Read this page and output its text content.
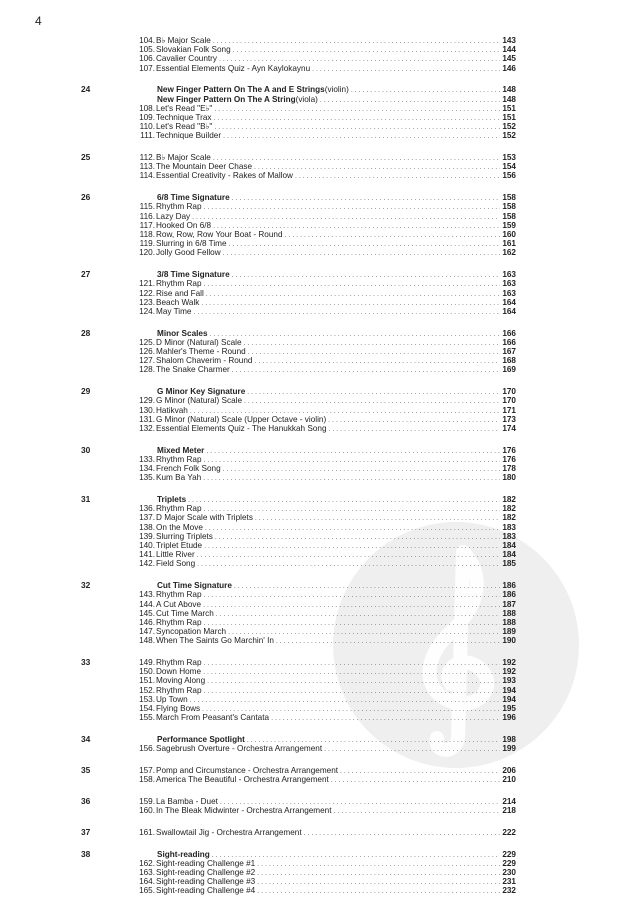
4
104. B♭ Major Scale . . .	143
105. Slovakian Folk Song . . .	144
106. Cavalier Country . . .	145
107. Essential Elements Quiz - Ayn Kaylokaynu . . .	146
24	New Finger Pattern On The A and E Strings(violin) . . .	148
New Finger Pattern On The A String(viola) . . .	148
108. Let's Read "E♭" . . .	151
109. Technique Trax . . .	151
110. Let's Read "B♭" . . .	152
111. Technique Builder . . .	152
25	112. B♭ Major Scale . . .	153
113. The Mountain Deer Chase . . .	154
114. Essential Creativity - Rakes of Mallow . . .	156
26	6/8 Time Signature . . .	158
115. Rhythm Rap . . .	158
116. Lazy Day . . .	158
117. Hooked On 6/8 . . .	159
118. Row, Row, Row Your Boat - Round . . .	160
119. Slurring in 6/8 Time . . .	161
120. Jolly Good Fellow . . .	162
27	3/8 Time Signature . . .	163
121. Rhythm Rap . . .	163
122. Rise and Fall . . .	163
123. Beach Walk . . .	164
124. May Time . . .	164
28	Minor Scales . . .	166
125. D Minor (Natural) Scale . . .	166
126. Mahler's Theme - Round . . .	167
127. Shalom Chaverim - Round . . .	168
128. The Snake Charmer . . .	169
29	G Minor Key Signature . . .	170
129. G Minor (Natural) Scale . . .	170
130. Hatikvah . . .	171
131. G Minor (Natural) Scale (Upper Octave - violin) . . .	173
132. Essential Elements Quiz - The Hanukkah Song . . .	174
30	Mixed Meter . . .	176
133. Rhythm Rap . . .	176
134. French Folk Song . . .	178
135. Kum Ba Yah . . .	180
31	Triplets . . .	182
136. Rhythm Rap . . .	182
137. D Major Scale with Triplets . . .	182
138. On the Move . . .	183
139. Slurring Triplets . . .	183
140. Triplet Etude . . .	184
141. Little River . . .	184
142. Field Song . . .	185
32	Cut Time Signature . . .	186
143. Rhythm Rap . . .	186
144. A Cut Above . . .	187
145. Cut Time March . . .	188
146. Rhythm Rap . . .	188
147. Syncopation March . . .	189
148. When The Saints Go Marchin' In . . .	190
33	149. Rhythm Rap . . .	192
150. Down Home . . .	192
151. Moving Along . . .	193
152. Rhythm Rap . . .	194
153. Up Town . . .	194
154. Flying Bows . . .	195
155. March From Peasant's Cantata . . .	196
34	Performance Spotlight . . .	198
156. Sagebrush Overture - Orchestra Arrangement . . .	199
35	157. Pomp and Circumstance - Orchestra Arrangement . . .	206
158. America The Beautiful - Orchestra Arrangement . . .	210
36	159. La Bamba - Duet . . .	214
160. In The Bleak Midwinter - Orchestra Arrangement . . .	218
37	161. Swallowtail Jig - Orchestra Arrangement . . .	222
38	Sight-reading . . .	229
162. Sight-reading Challenge #1 . . .	229
163. Sight-reading Challenge #2 . . .	230
164. Sight-reading Challenge #3 . . .	231
165. Sight-reading Challenge #4 . . .	232
